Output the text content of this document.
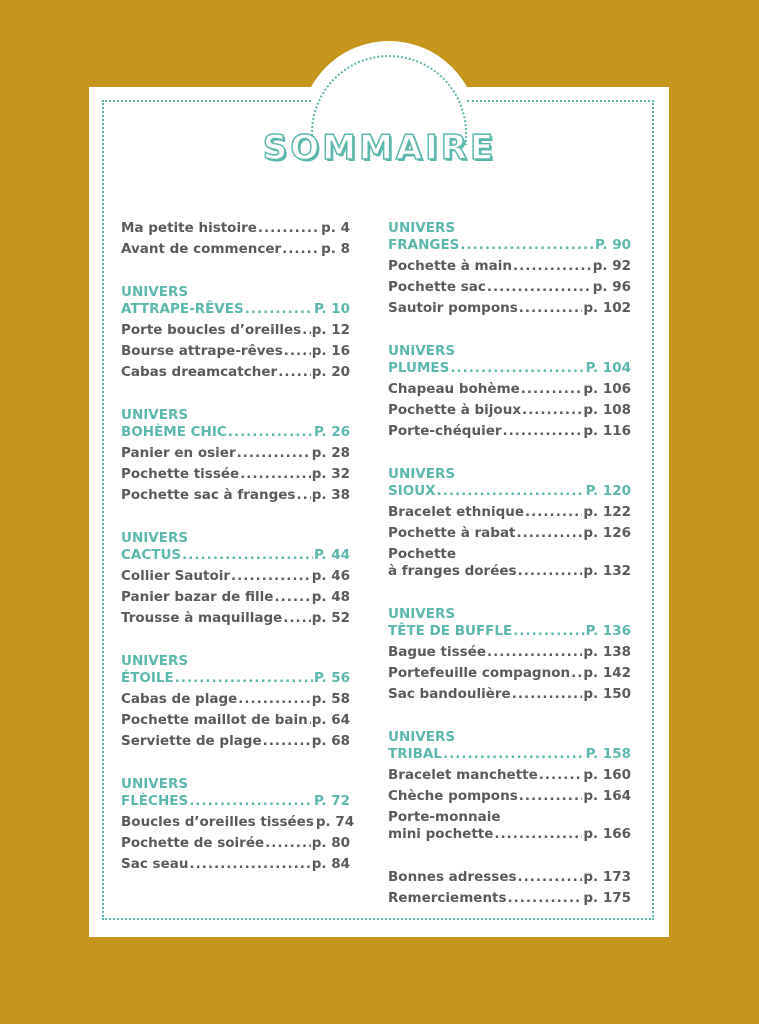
SOMMAIRE
Ma petite histoire .....	p. 4
Avant de commencer .....	p. 8
UNIVERS
ATTRAPE-RÊVES .....	P. 10
Porte boucles d’oreilles ..... p. 12
Bourse attrape-rêves ..... p. 16
Cabas dreamcatcher .....	p. 20
UNIVERS
BOHÈME CHIC .....	P. 26
Panier en osier .....	p. 28
Pochette tissée .....	p. 32
Pochette sac à franges ..... p. 38
UNIVERS
CACTUS .....	P. 44
Collier Sautoir .....	p. 46
Panier bazar de fille .....	p. 48
Trousse à maquillage ..... p. 52
UNIVERS
ÉTOILE .....	P. 56
Cabas de plage .....	p. 58
Pochette maillot de bain ..... p. 64
Serviette de plage .....	p. 68
UNIVERS
FLÈCHES .....	P. 72
Boucles d’oreilles tissées p. 74
Pochette de soirée .....	p. 80
Sac seau .....	p. 84
UNIVERS
FRANGES .....	P. 90
Pochette à main .....	p. 92
Pochette sac .....	p. 96
Sautoir pompons .....	p. 102
UNIVERS
PLUMES .....	P. 104
Chapeau bohème .....	p. 106
Pochette à bijoux .....	p. 108
Porte-chéquier .....	p. 116
UNIVERS
SIOUX .....	P. 120
Bracelet ethnique .....	p. 122
Pochette à rabat .....	p. 126
Pochette
à franges dorées .....	p. 132
UNIVERS
TÊTE DE BUFFLE .....	P. 136
Bague tissée .....	p. 138
Portefeuille compagnon ..... p. 142
Sac bandoulière .....	p. 150
UNIVERS
TRIBAL .....	P. 158
Bracelet manchette .....	p. 160
Chèche pompons .....	p. 164
Porte-monnaie
mini pochette .....	p. 166
Bonnes adresses .....	p. 173
Remerciements .....	p. 175
